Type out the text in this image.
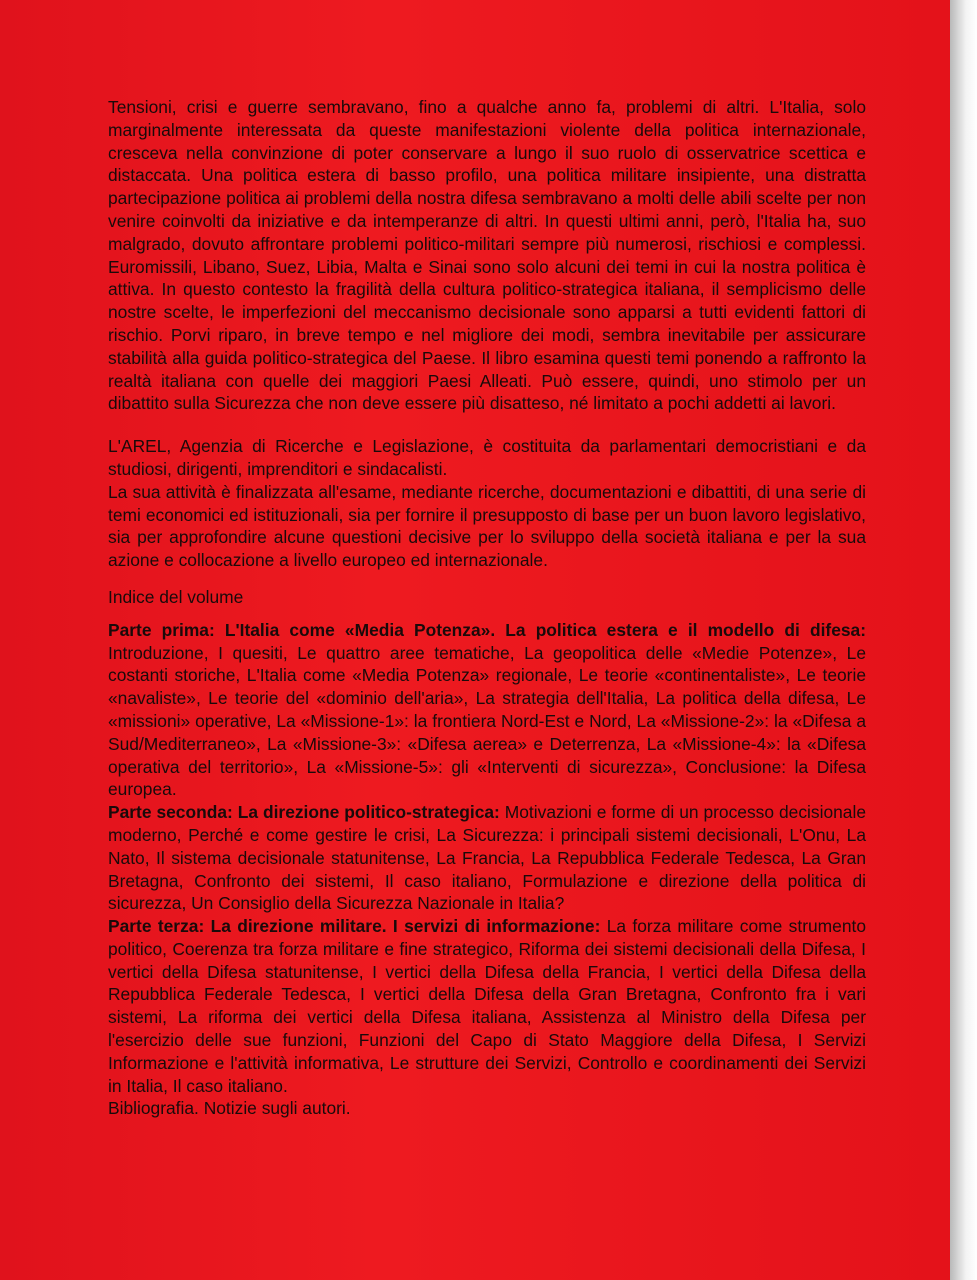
Tensioni, crisi e guerre sembravano, fino a qualche anno fa, problemi di altri. L'Italia, solo marginalmente interessata da queste manifestazioni violente della politica internazionale, cresceva nella convinzione di poter conservare a lungo il suo ruolo di osservatrice scettica e distaccata. Una politica estera di basso profilo, una politica militare insipiente, una distratta partecipazione politica ai problemi della nostra difesa sembravano a molti delle abili scelte per non venire coinvolti da iniziative e da intemperanze di altri. In questi ultimi anni, però, l'Italia ha, suo malgrado, dovuto affrontare problemi politico-militari sempre più numerosi, rischiosi e complessi. Euromissili, Libano, Suez, Libia, Malta e Sinai sono solo alcuni dei temi in cui la nostra politica è attiva. In questo contesto la fragilità della cultura politico-strategica italiana, il semplicismo delle nostre scelte, le imperfezioni del meccanismo decisionale sono apparsi a tutti evidenti fattori di rischio. Porvi riparo, in breve tempo e nel migliore dei modi, sembra inevitabile per assicurare stabilità alla guida politico-strategica del Paese. Il libro esamina questi temi ponendo a raffronto la realtà italiana con quelle dei maggiori Paesi Alleati. Può essere, quindi, uno stimolo per un dibattito sulla Sicurezza che non deve essere più disatteso, né limitato a pochi addetti ai lavori.

L'AREL, Agenzia di Ricerche e Legislazione, è costituita da parlamentari democristiani e da studiosi, dirigenti, imprenditori e sindacalisti.

La sua attività è finalizzata all'esame, mediante ricerche, documentazioni e dibattiti, di una serie di temi economici ed istituzionali, sia per fornire il presupposto di base per un buon lavoro legislativo, sia per approfondire alcune questioni decisive per lo sviluppo della società italiana e per la sua azione e collocazione a livello europeo ed internazionale.

Indice del volume

Parte prima: L'Italia come «Media Potenza». La politica estera e il modello di difesa: Introduzione, I quesiti, Le quattro aree tematiche, La geopolitica delle «Medie Potenze», Le costanti storiche, L'Italia come «Media Potenza» regionale, Le teorie «continentaliste», Le teorie «navaliste», Le teorie del «dominio dell'aria», La strategia dell'Italia, La politica della difesa, Le «missioni» operative, La «Missione-1»: la frontiera Nord-Est e Nord, La «Missione-2»: la «Difesa a Sud/Mediterraneo», La «Missione-3»: «Difesa aerea» e Deterrenza, La «Missione-4»: la «Difesa operativa del territorio», La «Missione-5»: gli «Interventi di sicurezza», Conclusione: la Difesa europea.

Parte seconda: La direzione politico-strategica: Motivazioni e forme di un processo decisionale moderno, Perché e come gestire le crisi, La Sicurezza: i principali sistemi decisionali, L'Onu, La Nato, Il sistema decisionale statunitense, La Francia, La Repubblica Federale Tedesca, La Gran Bretagna, Confronto dei sistemi, Il caso italiano, Formulazione e direzione della politica di sicurezza, Un Consiglio della Sicurezza Nazionale in Italia?

Parte terza: La direzione militare. I servizi di informazione: La forza militare come strumento politico, Coerenza tra forza militare e fine strategico, Riforma dei sistemi decisionali della Difesa, I vertici della Difesa statunitense, I vertici della Difesa della Francia, I vertici della Difesa della Repubblica Federale Tedesca, I vertici della Difesa della Gran Bretagna, Confronto fra i vari sistemi, La riforma dei vertici della Difesa italiana, Assistenza al Ministro della Difesa per l'esercizio delle sue funzioni, Funzioni del Capo di Stato Maggiore della Difesa, I Servizi Informazione e l'attività informativa, Le strutture dei Servizi, Controllo e coordinamenti dei Servizi in Italia, Il caso italiano.

Bibliografia. Notizie sugli autori.
